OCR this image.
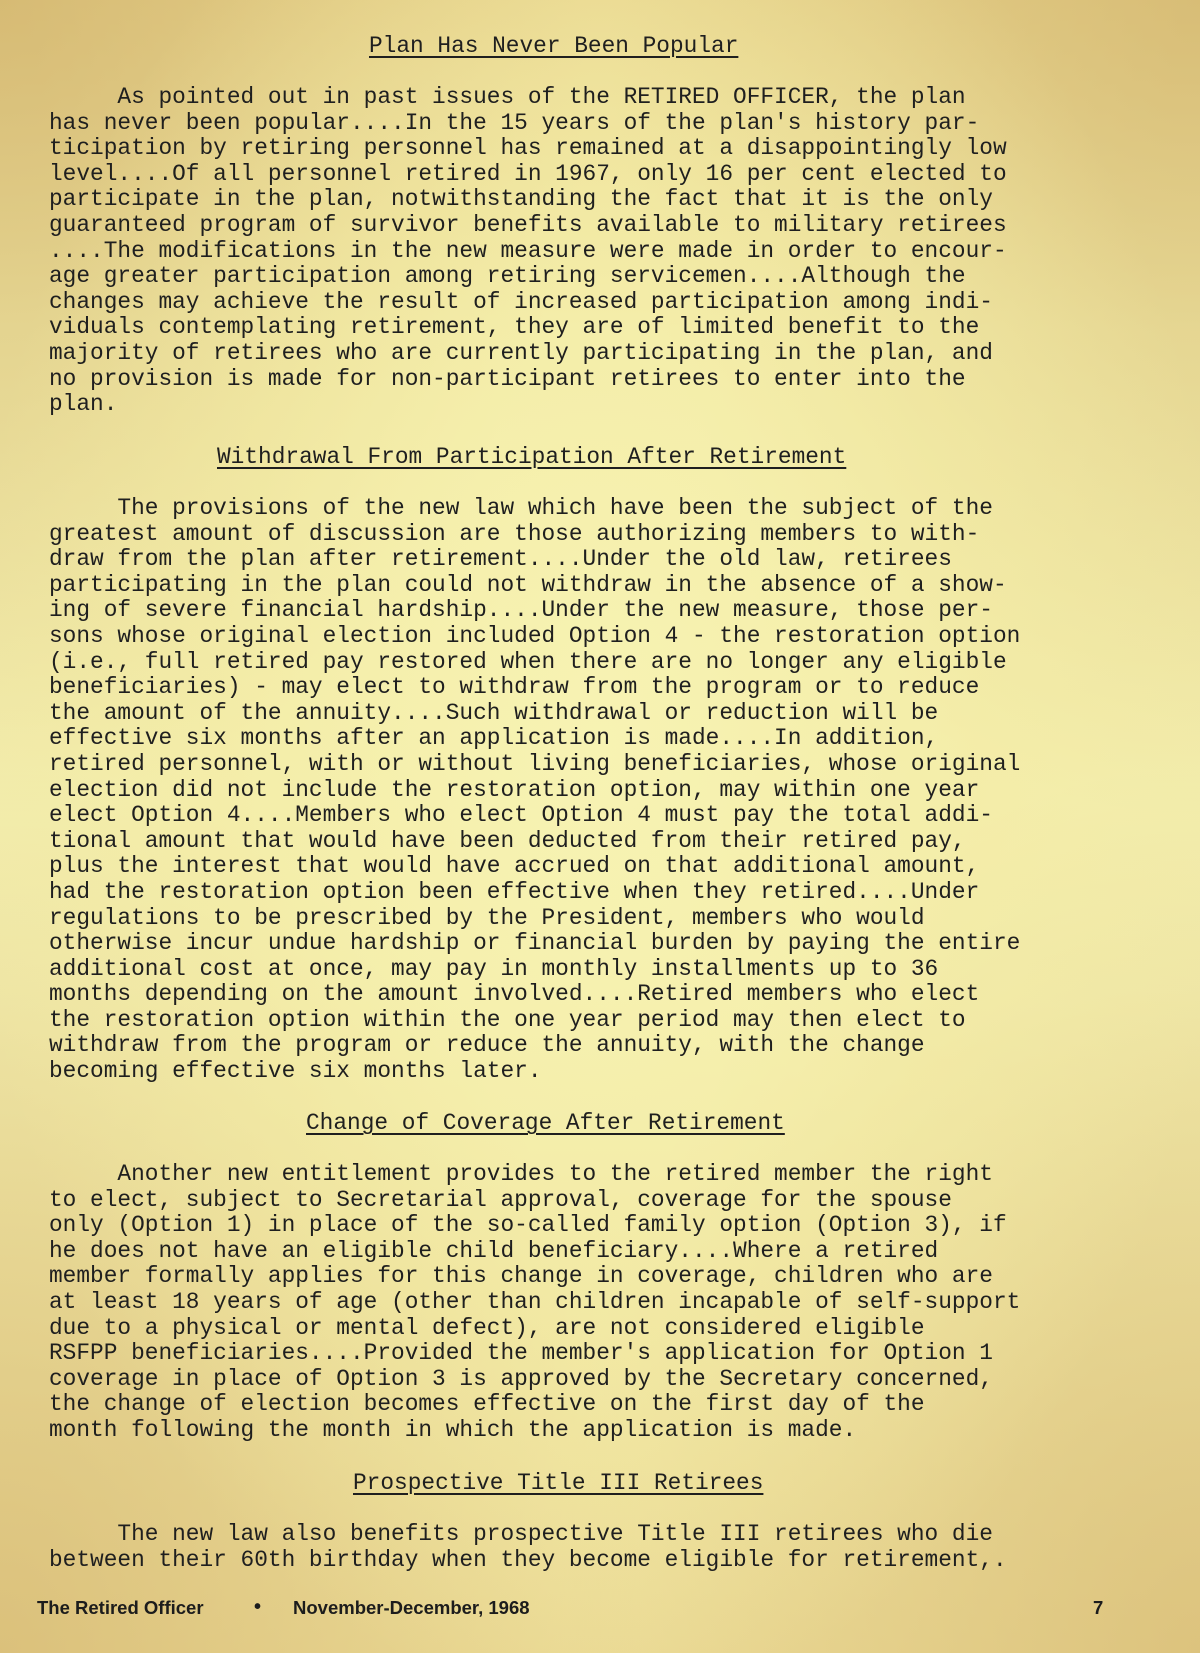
Plan Has Never Been Popular
As pointed out in past issues of the RETIRED OFFICER, the plan
has never been popular....In the 15 years of the plan's history par-
ticipation by retiring personnel has remained at a disappointingly low
level....Of all personnel retired in 1967, only 16 per cent elected to
participate in the plan, notwithstanding the fact that it is the only
guaranteed program of survivor benefits available to military retirees
....The modifications in the new measure were made in order to encour-
age greater participation among retiring servicemen....Although the
changes may achieve the result of increased participation among indi-
viduals contemplating retirement, they are of limited benefit to the
majority of retirees who are currently participating in the plan, and
no provision is made for non-participant retirees to enter into the
plan.
Withdrawal From Participation After Retirement
The provisions of the new law which have been the subject of the
greatest amount of discussion are those authorizing members to with-
draw from the plan after retirement....Under the old law, retirees
participating in the plan could not withdraw in the absence of a show-
ing of severe financial hardship....Under the new measure, those per-
sons whose original election included Option 4 - the restoration option
(i.e., full retired pay restored when there are no longer any eligible
beneficiaries) - may elect to withdraw from the program or to reduce
the amount of the annuity....Such withdrawal or reduction will be
effective six months after an application is made....In addition,
retired personnel, with or without living beneficiaries, whose original
election did not include the restoration option, may within one year
elect Option 4....Members who elect Option 4 must pay the total addi-
tional amount that would have been deducted from their retired pay,
plus the interest that would have accrued on that additional amount,
had the restoration option been effective when they retired....Under
regulations to be prescribed by the President, members who would
otherwise incur undue hardship or financial burden by paying the entire
additional cost at once, may pay in monthly installments up to 36
months depending on the amount involved....Retired members who elect
the restoration option within the one year period may then elect to
withdraw from the program or reduce the annuity, with the change
becoming effective six months later.
Change of Coverage After Retirement
Another new entitlement provides to the retired member the right
to elect, subject to Secretarial approval, coverage for the spouse
only (Option 1) in place of the so-called family option (Option 3), if
he does not have an eligible child beneficiary....Where a retired
member formally applies for this change in coverage, children who are
at least 18 years of age (other than children incapable of self-support
due to a physical or mental defect), are not considered eligible
RSFPP beneficiaries....Provided the member's application for Option 1
coverage in place of Option 3 is approved by the Secretary concerned,
the change of election becomes effective on the first day of the
month following the month in which the application is made.
Prospective Title III Retirees
The new law also benefits prospective Title III retirees who die
between their 60th birthday when they become eligible for retirement,.
The Retired Officer	• November-December, 1968	7
